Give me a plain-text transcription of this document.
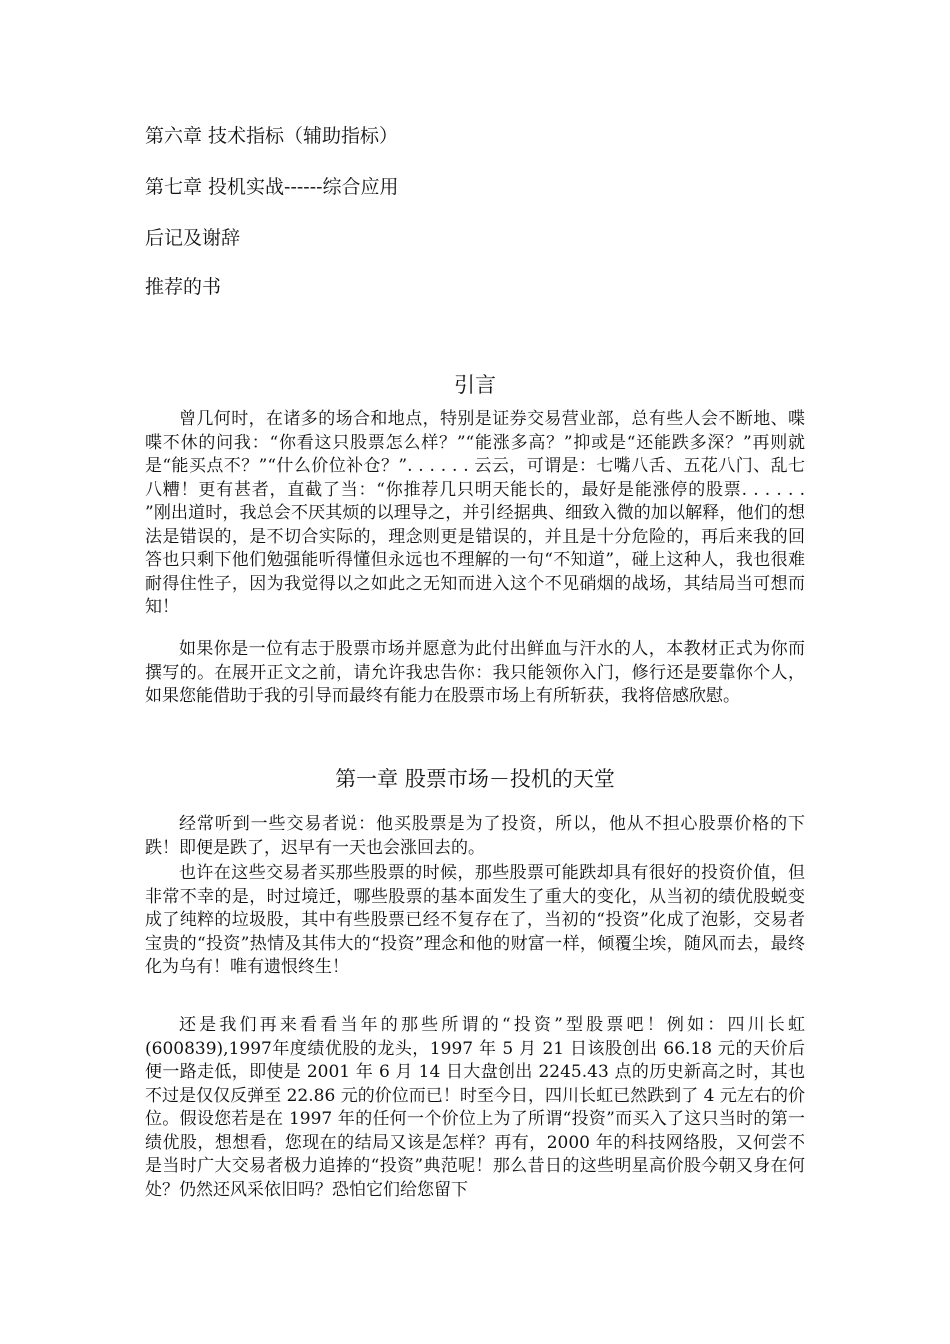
第六章 技术指标（辅助指标）
第七章 投机实战------综合应用
后记及谢辞
推荐的书
引言

曾几何时，在诸多的场合和地点，特别是证券交易营业部，总有些人会不断地、喋喋不休的问我：“你看这只股票怎么样？”“能涨多高？”抑或是“还能跌多深？”再则就是“能买点不？”“什么价位补仓？”. . . . . . 云云，可谓是：七嘴八舌、五花八门、乱七八糟！更有甚者，直截了当：“你推荐几只明天能长的，最好是能涨停的股票. . . . . . ”刚出道时，我总会不厌其烦的以理导之，并引经据典、细致入微的加以解释，他们的想法是错误的，是不切合实际的，理念则更是错误的，并且是十分危险的，再后来我的回答也只剩下他们勉强能听得懂但永远也不理解的一句“不知道”，碰上这种人，我也很难耐得住性子，因为我觉得以之如此之无知而进入这个不见硝烟的战场，其结局当可想而知！

如果你是一位有志于股票市场并愿意为此付出鲜血与汗水的人，本教材正式为你而撰写的。在展开正文之前，请允许我忠告你：我只能领你入门，修行还是要靠你个人，如果您能借助于我的引导而最终有能力在股票市场上有所斩获，我将倍感欣慰。

第一章 股票市场－投机的天堂

经常听到一些交易者说：他买股票是为了投资，所以，他从不担心股票价格的下跌！即便是跌了，迟早有一天也会涨回去的。

也许在这些交易者买那些股票的时候，那些股票可能跌却具有很好的投资价值，但非常不幸的是，时过境迁，哪些股票的基本面发生了重大的变化，从当初的绩优股蜕变成了纯粹的垃圾股，其中有些股票已经不复存在了，当初的“投资”化成了泡影，交易者宝贵的“投资”热情及其伟大的“投资”理念和他的财富一样，倾覆尘埃，随风而去，最终化为乌有！唯有遗恨终生！

还是我们再来看看当年的那些所谓的“投资”型股票吧！例如：四川长虹(600839),1997年度绩优股的龙头，1997 年 5 月 21 日该股创出 66.18 元的天价后便一路走低，即使是 2001 年 6 月 14 日大盘创出 2245.43 点的历史新高之时，其也不过是仅仅反弹至 22.86 元的价位而已！时至今日，四川长虹已然跌到了 4 元左右的价位。假设您若是在 1997 年的任何一个价位上为了所谓“投资”而买入了这只当时的第一绩优股，想想看，您现在的结局又该是怎样？再有，2000 年的科技网络股，又何尝不是当时广大交易者极力追捧的“投资”典范呢！那么昔日的这些明星高价股今朝又身在何处？仍然还风采依旧吗？恐怕它们给您留下
